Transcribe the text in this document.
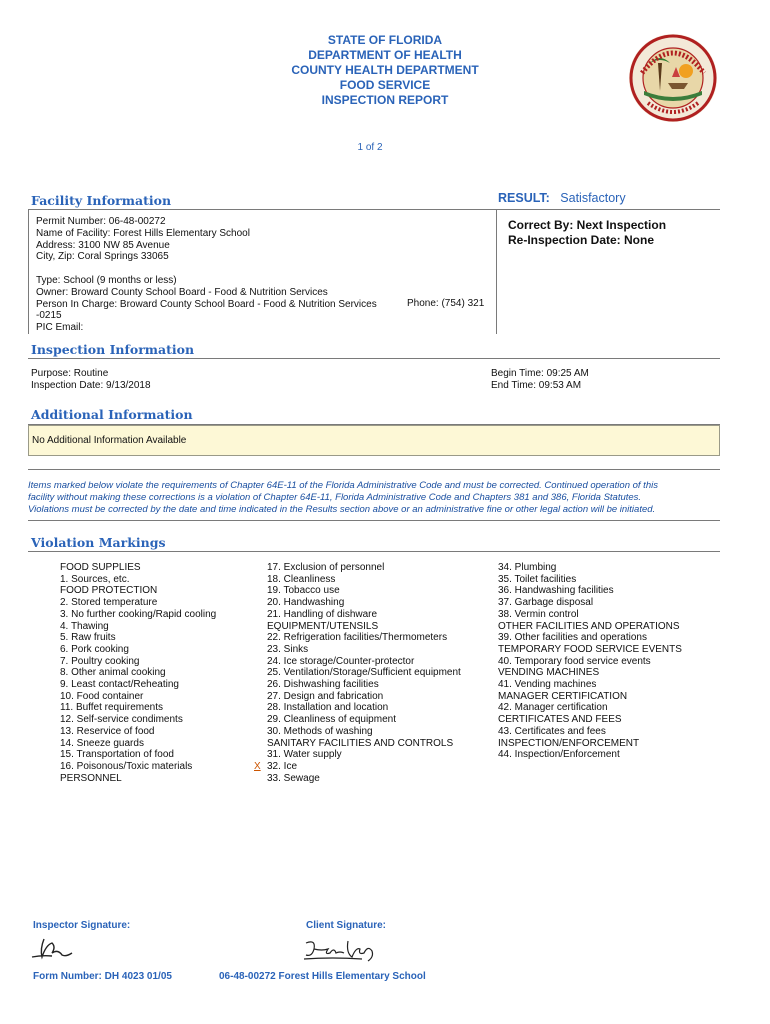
STATE OF FLORIDA
DEPARTMENT OF HEALTH
COUNTY HEALTH DEPARTMENT
FOOD SERVICE
INSPECTION REPORT
1 of 2
Facility Information	RESULT: Satisfactory
Permit Number: 06-48-00272
Name of Facility: Forest Hills Elementary School
Address: 3100 NW 85 Avenue
City, Zip: Coral Springs 33065
Correct By: Next Inspection
Re-Inspection Date: None
Type: School (9 months or less)
Owner: Broward County School Board - Food & Nutrition Services
Person In Charge: Broward County School Board - Food & Nutrition Services
-0215
PIC Email:
Phone: (754) 321
Inspection Information
Purpose: Routine
Inspection Date: 9/13/2018
Begin Time: 09:25 AM
End Time: 09:53 AM
Additional Information
No Additional Information Available
Items marked below violate the requirements of Chapter 64E-11 of the Florida Administrative Code and must be corrected. Continued operation of this
facility without making these corrections is a violation of Chapter 64E-11, Florida Administrative Code and Chapters 381 and 386, Florida Statutes.
Violations must be corrected by the date and time indicated in the Results section above or an administrative fine or other legal action will be initiated.
Violation Markings
FOOD SUPPLIES
1. Sources, etc.
FOOD PROTECTION
2. Stored temperature
3. No further cooking/Rapid cooling
4. Thawing
5. Raw fruits
6. Pork cooking
7. Poultry cooking
8. Other animal cooking
9. Least contact/Reheating
10. Food container
11. Buffet requirements
12. Self-service condiments
13. Reservice of food
14. Sneeze guards
15. Transportation of food
16. Poisonous/Toxic materials
PERSONNEL
17. Exclusion of personnel
18. Cleanliness
19. Tobacco use
20. Handwashing
21. Handling of dishware
EQUIPMENT/UTENSILS
22. Refrigeration facilities/Thermometers
23. Sinks
24. Ice storage/Counter-protector
25. Ventilation/Storage/Sufficient equipment
26. Dishwashing facilities
27. Design and fabrication
28. Installation and location
29. Cleanliness of equipment
30. Methods of washing
SANITARY FACILITIES AND CONTROLS
31. Water supply
32. Ice
33. Sewage
X
34. Plumbing
35. Toilet facilities
36. Handwashing facilities
37. Garbage disposal
38. Vermin control
OTHER FACILITIES AND OPERATIONS
39. Other facilities and operations
TEMPORARY FOOD SERVICE EVENTS
40. Temporary food service events
VENDING MACHINES
41. Vending machines
MANAGER CERTIFICATION
42. Manager certification
CERTIFICATES AND FEES
43. Certificates and fees
INSPECTION/ENFORCEMENT
44. Inspection/Enforcement
Inspector Signature:	Client Signature:
Form Number: DH 4023 01/05	06-48-00272 Forest Hills Elementary School
